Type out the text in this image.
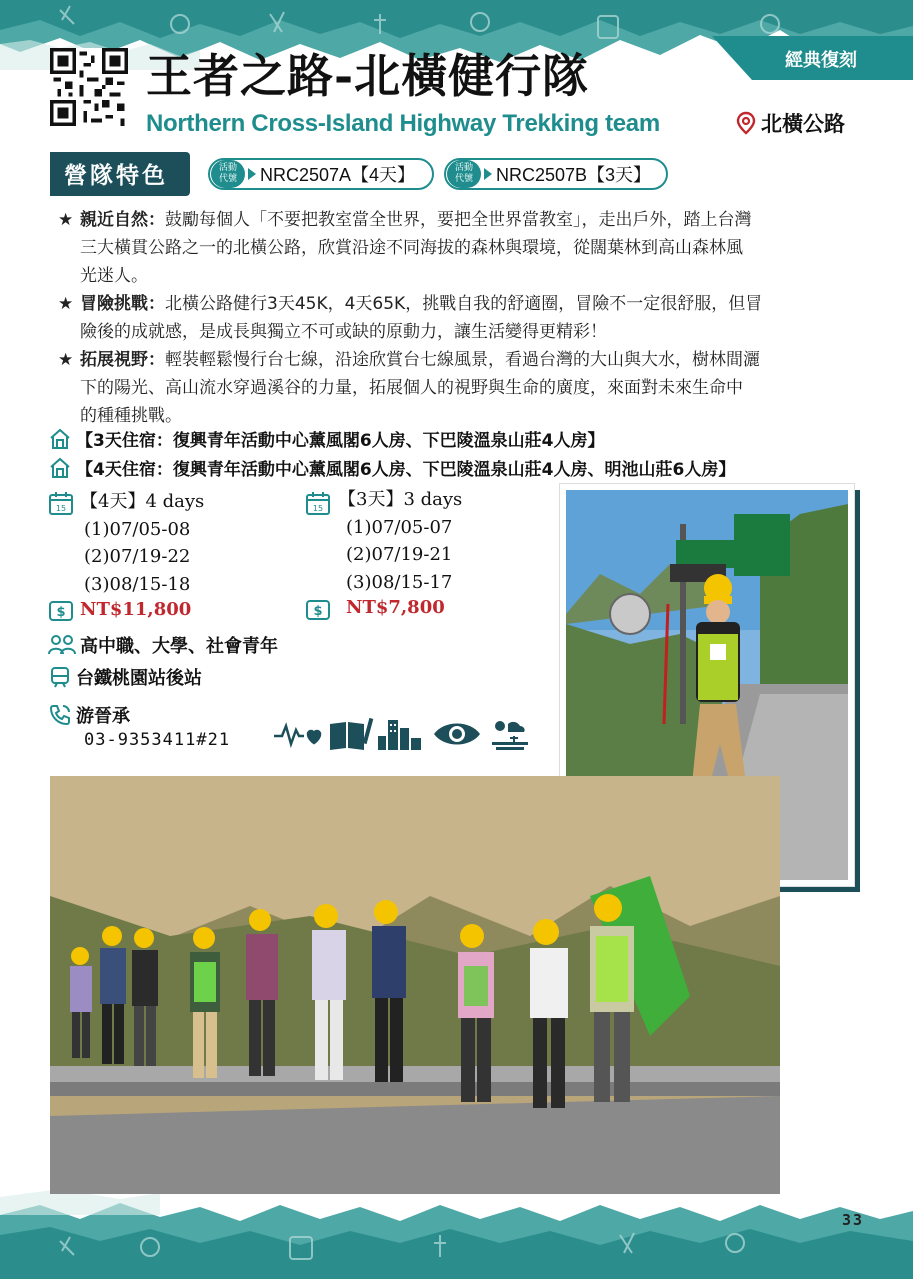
王者之路-北橫健行隊
Northern Cross-Island Highway Trekking team
經典復刻
北橫公路
營隊特色	活動
代號	NRC2507A【4天】	活動
代號	NRC2507B【3天】
★ 親近自然：鼓勵每個人「不要把教室當全世界，要把全世界當教室」，走出戶外，踏上台灣
三大橫貫公路之一的北橫公路，欣賞沿途不同海拔的森林與環境，從闊葉林到高山森林風
光迷人。
★ 冒險挑戰：北橫公路健行3天45K，4天65K，挑戰自我的舒適圈，冒險不一定很舒服，但冒
險後的成就感，是成長與獨立不可或缺的原動力，讓生活變得更精彩！
★ 拓展視野：輕裝輕鬆慢行台七線，沿途欣賞台七線風景，看過台灣的大山與大水，樹林間灑
下的陽光、高山流水穿過溪谷的力量，拓展個人的視野與生命的廣度，來面對未來生命中
的種種挑戰。
【3天住宿：復興青年活動中心薰風閣6人房、下巴陵溫泉山莊4人房】
【4天住宿：復興青年活動中心薰風閣6人房、下巴陵溫泉山莊4人房、明池山莊6人房】
15 【4天】4 days
(1)07/05-08
(2)07/19-22
(3)08/15-18
$ NT$11,800
15 【3天】3 days
(1)07/05-07
(2)07/19-21
(3)08/15-17
$ NT$7,800
高中職、大學、社會青年
台鐵桃園站後站
游晉承
03-9353411#21
33
